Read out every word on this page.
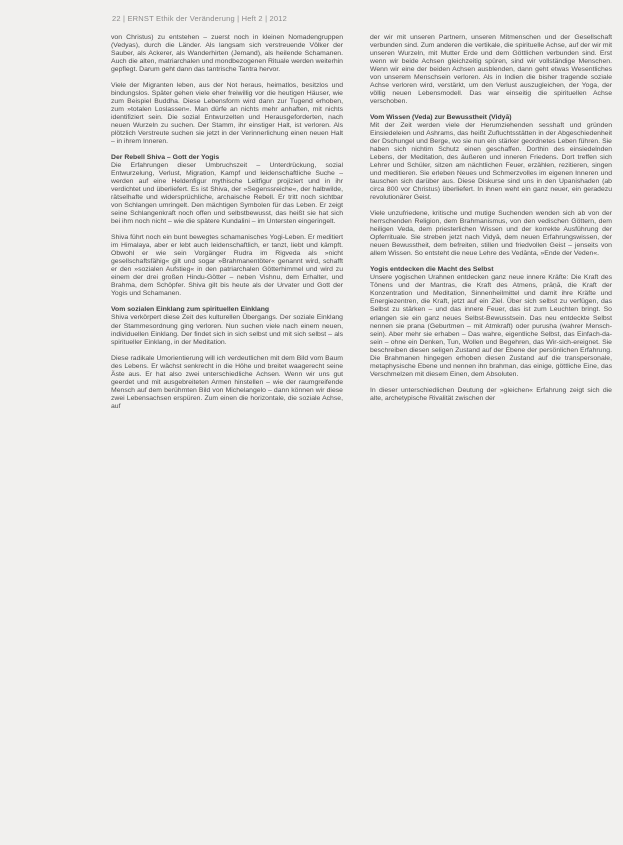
22 | ERNST Ethik der Veränderung | Heft 2 | 2012

von Christus) zu entstehen – zuerst noch in kleinen Nomadengruppen (Vedyas), durch die Länder. Als langsam sich verstreuende Völker der Sauber, als Ackerer, als Wanderhirten (Jemand), als heilende Schamanen. Auch die alten, matriarchalen und mondbezogenen Rituale werden weiterhin gepflegt. Darum geht dann das tantrische Tantra hervor.

Viele der Migranten leben, aus der Not heraus, heimatlos, besitzlos und bindungslos. Später gehen viele eher freiwillig vor die heutigen Häuser, wie zum Beispiel Buddha. Diese Lebensform wird dann zur Tugend erhoben, zum »totalen Loslassen«. Man dürfe an nichts mehr anhaften, mit nichts identifiziert sein. Die sozial Entwurzelten und Herausgeforderten, nach neuen Wurzeln zu suchen. Der Stamm, ihr einstiger Halt, ist verloren. Als plötzlich Verstreute suchen sie jetzt in der Verinnerlichung einen neuen Halt – in ihrem Inneren.

Der Rebell Shiva – Gott der Yogis

Die Erfahrungen dieser Umbruchszeit – Unterdrückung, sozial Entwurzelung, Verlust, Migration, Kampf und leidenschaftliche Suche – werden auf eine Heldenfigur mythische Leitfigur projiziert und in ihr verdichtet und überliefert. Es ist Shiva, der »Segenssreiche«, der halbwilde, rätselhafte und widersprüchliche, archaische Rebell. Er tritt noch sichtbar von Schlangen umringelt. Den mächtigen Symbolen für das Leben. Er zeigt seine Schlangenkraft noch offen und selbstbewusst, das heißt sie hat sich bei ihm noch nicht – wie die spätere Kundalini – im Untersten eingeringelt.

Shiva führt noch ein bunt bewegtes schamanisches Yogi-Leben. Er meditiert im Himalaya, aber er lebt auch leidenschaftlich, er tanzt, liebt und kämpft. Obwohl er wie sein Vorgänger Rudra im Rigveda als »nicht gesellschaftsfähig« gilt und sogar »Brahmanentöter« genannt wird, schafft er den »sozialen Aufstieg« in den patriarchalen Götterhimmel und wird zu einem der drei großen Hindu-Götter – neben Vishnu, dem Erhalter, und Brahma, dem Schöpfer. Shiva gilt bis heute als der Urvater und Gott der Yogis und Schamanen.

Vom sozialen Einklang zum spirituellen Einklang

Shiva verkörpert diese Zeit des kulturellen Übergangs. Der soziale Einklang der Stammesordnung ging verloren. Nun suchen viele nach einem neuen, individuellen Einklang. Der findet sich in sich selbst und mit sich selbst – als spiritueller Einklang, in der Meditation.

Diese radikale Umorientierung will ich verdeutlichen mit dem Bild vom Baum des Lebens. Er wächst senkrecht in die Höhe und breitet waagerecht seine Äste aus. Er hat also zwei unterschiedliche Achsen. Wenn wir uns gut geerdet und mit ausgebreiteten Armen hinstellen – wie der raumgreifende Mensch auf dem berühmten Bild von Michelangelo – dann können wir diese zwei Lebensachsen erspüren. Zum einen die horizontale, die soziale Achse, auf

der wir mit unseren Partnern, unseren Mitmenschen und der Gesellschaft verbunden sind. Zum anderen die vertikale, die spirituelle Achse, auf der wir mit unseren Wurzeln, mit Mutter Erde und dem Göttlichen verbunden sind. Erst wenn wir beide Achsen gleichzeitig spüren, sind wir vollständige Menschen. Wenn wir eine der beiden Achsen ausblenden, dann geht etwas Wesentliches von unserem Menschsein verloren. Als in Indien die bisher tragende soziale Achse verloren wird, verstärkt, um den Verlust auszugleichen, der Yoga, der völlig neuen Lebensmodell. Das war einseitig die spirituellen Achse verschoben.

Vom Wissen (Veda) zur Bewusstheit (Vidyā)

Mit der Zeit werden viele der Herumziehenden sesshaft und gründen Einsiedeleien und Ashrams, das heißt Zufluchtsstätten in der Abgeschiedenheit der Dschungel und Berge, wo sie nun ein stärker geordnetes Leben führen. Sie haben sich nichtim Schutz einen geschaffen. Dorthin des einsiedelnden Lebens, der Meditation, des äußeren und inneren Friedens. Dort treffen sich Lehrer und Schüler, sitzen am nächtlichen Feuer, erzählen, rezitieren, singen und meditieren. Sie erleben Neues und Schmerzvolles im eigenen Inneren und tauschen sich darüber aus. Diese Diskurse sind uns in den Upanishaden (ab circa 800 vor Christus) überliefert. In ihnen weht ein ganz neuer, ein geradezu revolutionärer Geist.

Viele unzufriedene, kritische und mutige Suchenden wenden sich ab von der herrschenden Religion, dem Brahmanismus, von den vedischen Göttern, dem heiligen Veda, dem priesterlichen Wissen und der korrekte Ausführung der Opferrituale. Sie streben jetzt nach Vidyā, dem neuen Erfahrungswissen, der neuen Bewusstheit, dem befreiten, stillen und friedvollen Geist – jenseits von allem Wissen. So entsteht die neue Lehre des Vedānta, »Ende der Veden«.

Yogis entdecken die Macht des Selbst

Unsere yogischen Urahnen entdecken ganz neue innere Kräfte: Die Kraft des Tönens und der Mantras, die Kraft des Atmens, prāṇā, die Kraft der Konzentration und Meditation, Sinnenheilmittel und damit ihre Kräfte und Energiezentren, die Kraft, jetzt auf ein Ziel. Über sich selbst zu verfügen, das Selbst zu stärken – und das innere Feuer, das ist zum Leuchten bringt. So erlangen sie ein ganz neues Selbst-Bewusstsein. Das neu entdeckte Selbst nennen sie prana (Geburtmen – mit Atmkraft) oder purusha (wahrer Mensch-sein). Aber mehr sie erhaben – Das wahre, eigentliche Selbst, das Einfach-da-sein – ohne ein Denken, Tun, Wollen und Begehren, das Wir-sich-ereignet. Sie beschreiben diesen seligen Zustand auf der Ebene der persönlichen Erfahrung. Die Brahmanen hingegen erhoben diesen Zustand auf die transpersonale, metaphysische Ebene und nennen ihn brahman, das einige, göttliche Eine, das Verschmelzen mit diesem Einen, dem Absoluten.

In dieser unterschiedlichen Deutung der »gleichen« Erfahrung zeigt sich die alte, archetypische Rivalität zwischen der
